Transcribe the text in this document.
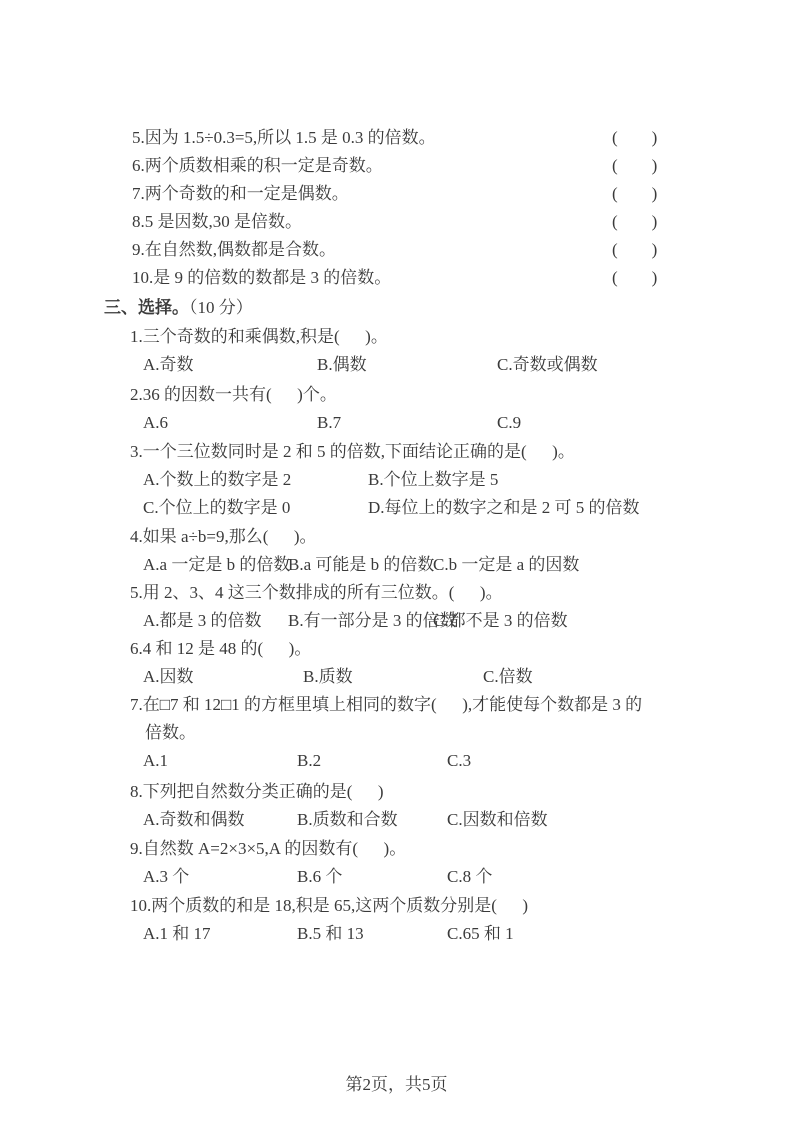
5.因为 1.5÷0.3=5,所以 1.5 是 0.3 的倍数。	(        )
6.两个质数相乘的积一定是奇数。	(        )
7.两个奇数的和一定是偶数。	(        )
8.5 是因数,30 是倍数。	(        )
9.在自然数,偶数都是合数。	(        )
10.是 9 的倍数的数都是 3 的倍数。	(        )
三、选择。（10 分）
1.三个奇数的和乘偶数,积是(      )。
A.奇数	B.偶数	C.奇数或偶数
2.36 的因数一共有(      )个。
A.6	B.7	C.9
3.一个三位数同时是 2 和 5 的倍数,下面结论正确的是(      )。
A.个数上的数字是 2	B.个位上数字是 5
C.个位上的数字是 0	D.每位上的数字之和是 2 可 5 的倍数
4.如果 a÷b=9,那么(      )。
A.a 一定是 b 的倍数
B.a 可能是 b 的倍数
C.b 一定是 a 的因数
5.用 2、3、4 这三个数排成的所有三位数。(      )。
A.都是 3 的倍数 B.有一部分是 3 的倍数
C.都不是 3 的倍数
6.4 和 12 是 48 的(      )。
A.因数	B.质数	C.倍数
7.在□7 和 12□1 的方框里填上相同的数字(      ),才能使每个数都是 3 的
倍数。
A.1	B.2	C.3
8.下列把自然数分类正确的是(      )
A.奇数和偶数	B.质数和合数	C.因数和倍数
9.自然数 A=2×3×5,A 的因数有(      )。
A.3 个	B.6 个	C.8 个
10.两个质数的和是 18,积是 65,这两个质数分别是(      )
A.1 和 17	B.5 和 13	C.65 和 1
第2页，共5页
